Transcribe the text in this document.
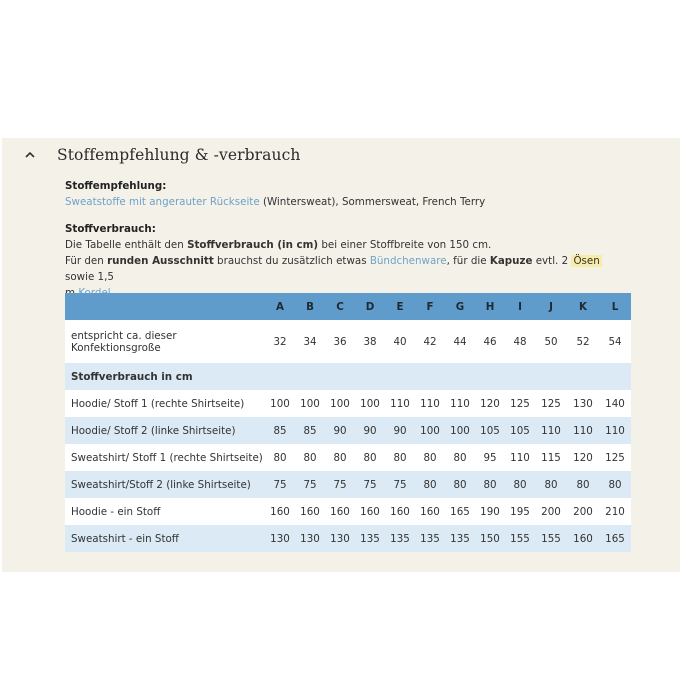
Stoffempfehlung & -verbrauch
Stoffempfehlung:

Sweatstoffe mit angerauter Rückseite (Wintersweat), Sommersweat, French Terry

Stoffverbrauch:

Die Tabelle enthält den Stoffverbrauch (in cm) bei einer Stoffbreite von 150 cm.

Für den runden Ausschnitt brauchst du zusätzlich etwas Bündchenware, für die Kapuze evtl. 2 Ösen sowie 1,5

	A	B	C	D	E	F	G	H	I	J	K	L
entspricht ca. dieser
Konfektionsgroße	32	34	36	38	40	42	44	46	48	50	52	54
Stoffverbrauch in cm												
Hoodie/ Stoff 1 (rechte Shirtseite)	100	100	100	100	110	110	110	120	125	125	130	140
Hoodie/ Stoff 2 (linke Shirtseite)	85	85	90	90	90	100	100	105	105	110	110	110
Sweatshirt/ Stoff 1 (rechte Shirtseite)	80	80	80	80	80	80	80	95	110	115	120	125
Sweatshirt/Stoff 2 (linke Shirtseite)	75	75	75	75	75	80	80	80	80	80	80	80
Hoodie - ein Stoff	160	160	160	160	160	160	165	190	195	200	200	210
Sweatshirt - ein Stoff	130	130	130	135	135	135	135	150	155	155	160	165
